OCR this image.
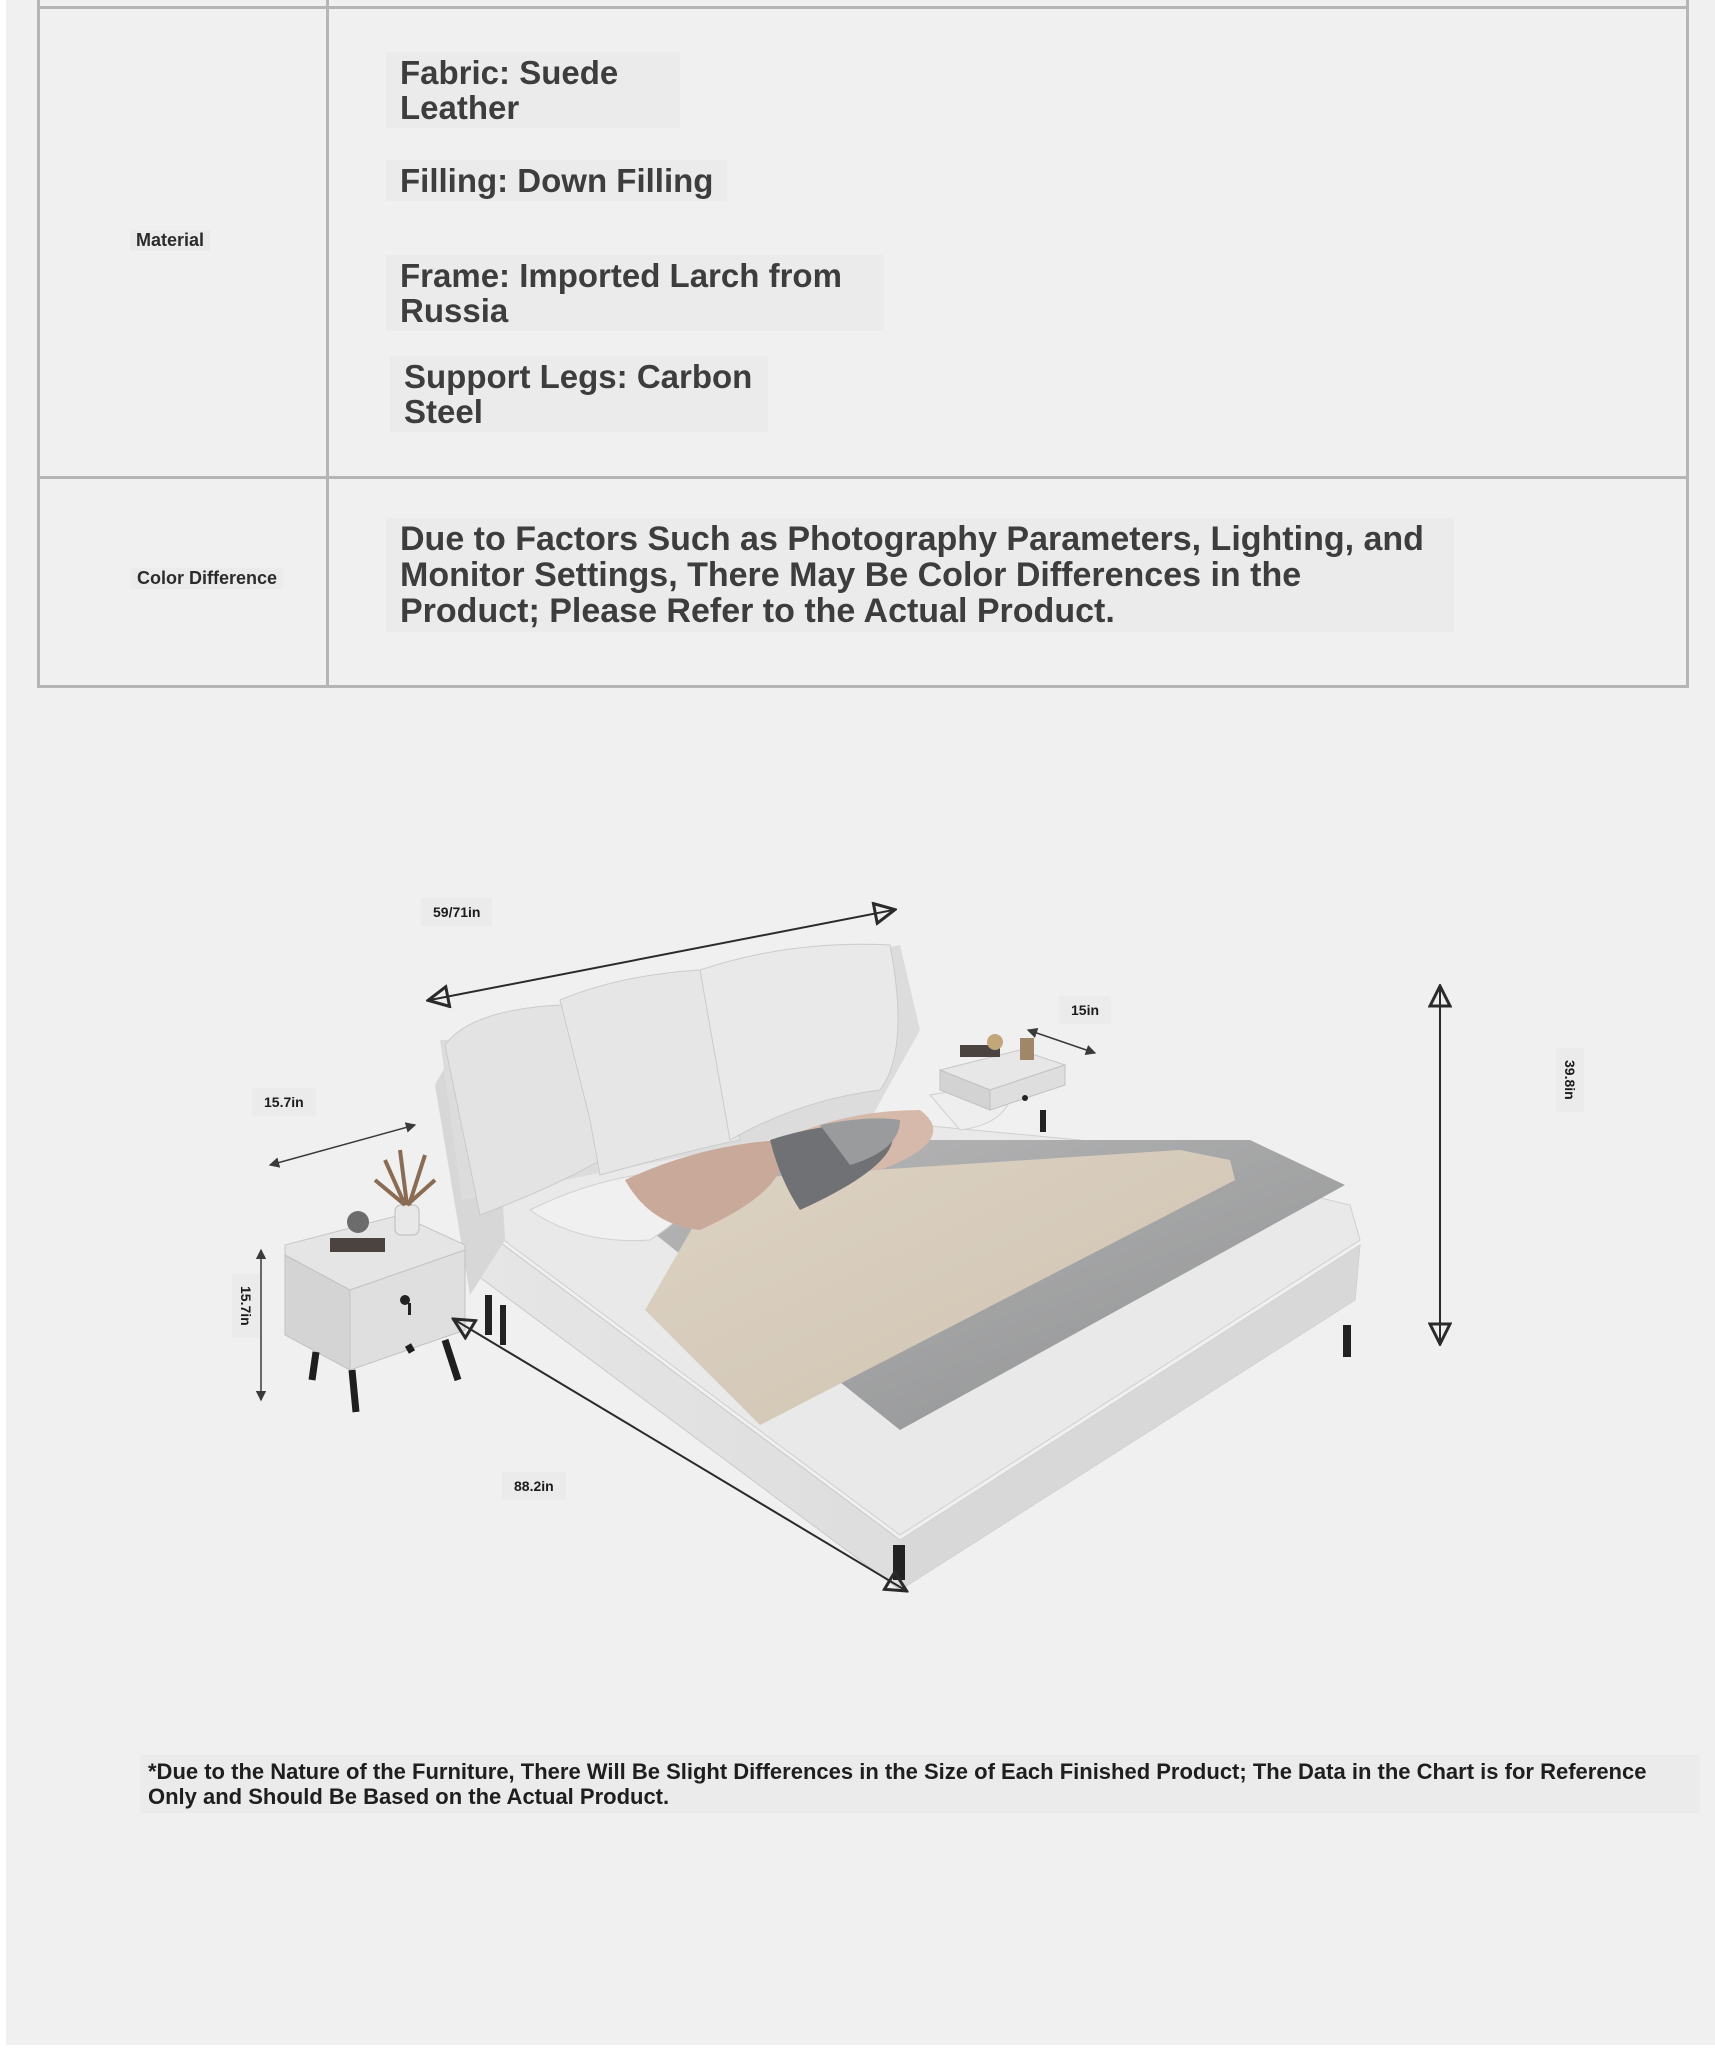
Material
Fabric: Suede Leather
Filling: Down Filling
Frame: Imported Larch from Russia
Support Legs: Carbon Steel
Color Difference
Due to Factors Such as Photography Parameters, Lighting, and Monitor Settings, There May Be Color Differences in the Product; Please Refer to the Actual Product.
59/71in
15in
15.7in
15.7in
88.2in
39.8in
*Due to the Nature of the Furniture, There Will Be Slight Differences in the Size of Each Finished Product; The Data in the Chart is for Reference Only and Should Be Based on the Actual Product.
